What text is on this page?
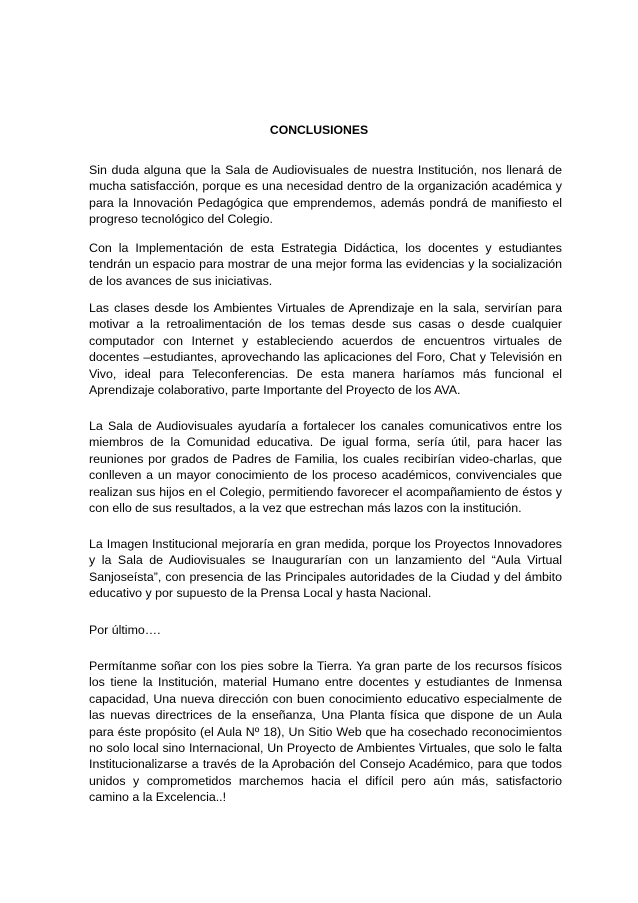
CONCLUSIONES

Sin duda alguna que la Sala de Audiovisuales de nuestra Institución, nos llenará de mucha satisfacción, porque es una necesidad dentro de la organización académica y para la Innovación Pedagógica que emprendemos, además pondrá de manifiesto el progreso tecnológico del Colegio.

Con la Implementación de esta Estrategia Didáctica, los docentes y estudiantes tendrán un espacio para mostrar de una mejor forma las evidencias y la socialización de los avances de sus iniciativas.

Las clases desde los Ambientes Virtuales de Aprendizaje en la sala, servirían para motivar a la retroalimentación de los temas desde sus casas o desde cualquier computador con Internet y estableciendo acuerdos de encuentros virtuales de docentes –estudiantes, aprovechando las aplicaciones del Foro, Chat y Televisión en Vivo, ideal para Teleconferencias. De esta manera haríamos más funcional el Aprendizaje colaborativo, parte Importante del Proyecto de los AVA.

La Sala de Audiovisuales ayudaría a fortalecer los canales comunicativos entre los miembros de la Comunidad educativa. De igual forma, sería útil, para hacer las reuniones por grados de Padres de Familia, los cuales recibirían video-charlas, que conlleven a un mayor conocimiento de los proceso académicos, convivenciales que realizan sus hijos en el Colegio, permitiendo favorecer el acompañamiento de éstos y con ello de sus resultados, a la vez que estrechan más lazos con la institución.

La Imagen Institucional mejoraría en gran medida, porque los Proyectos Innovadores y la Sala de Audiovisuales se Inaugurarían con un lanzamiento del “Aula Virtual Sanjoseísta”, con presencia de las Principales autoridades de la Ciudad y del ámbito educativo y por supuesto de la Prensa Local y hasta Nacional.

Por último….

Permítanme soñar con los pies sobre la Tierra. Ya gran parte de los recursos físicos los tiene la Institución, material Humano entre docentes y estudiantes de Inmensa capacidad, Una nueva dirección con buen conocimiento educativo especialmente de las nuevas directrices de la enseñanza, Una Planta física que dispone de un Aula para éste propósito (el Aula Nº 18), Un Sitio Web que ha cosechado reconocimientos no solo local sino Internacional, Un Proyecto de Ambientes Virtuales, que solo le falta Institucionalizarse a través de la Aprobación del Consejo Académico, para que todos unidos y comprometidos marchemos hacia el difícil pero aún más, satisfactorio camino a la Excelencia..!
